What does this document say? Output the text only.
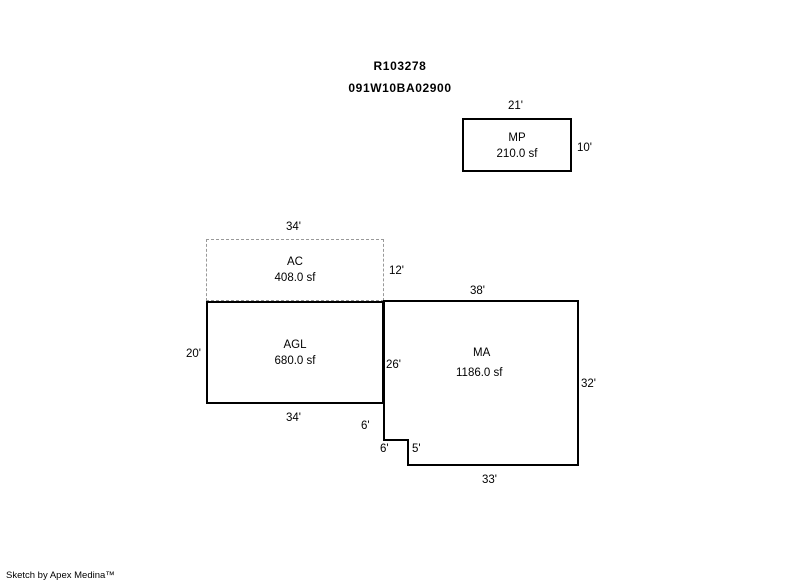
R103278
091W10BA02900
MP
210.0 sf
21'
10'
AC
408.0 sf
34'
12'
AGL
680.0 sf
20'
34'
MA
1186.0 sf
38'
26'
32'
6'
6' 5'
33'
Sketch by Apex Medina™
